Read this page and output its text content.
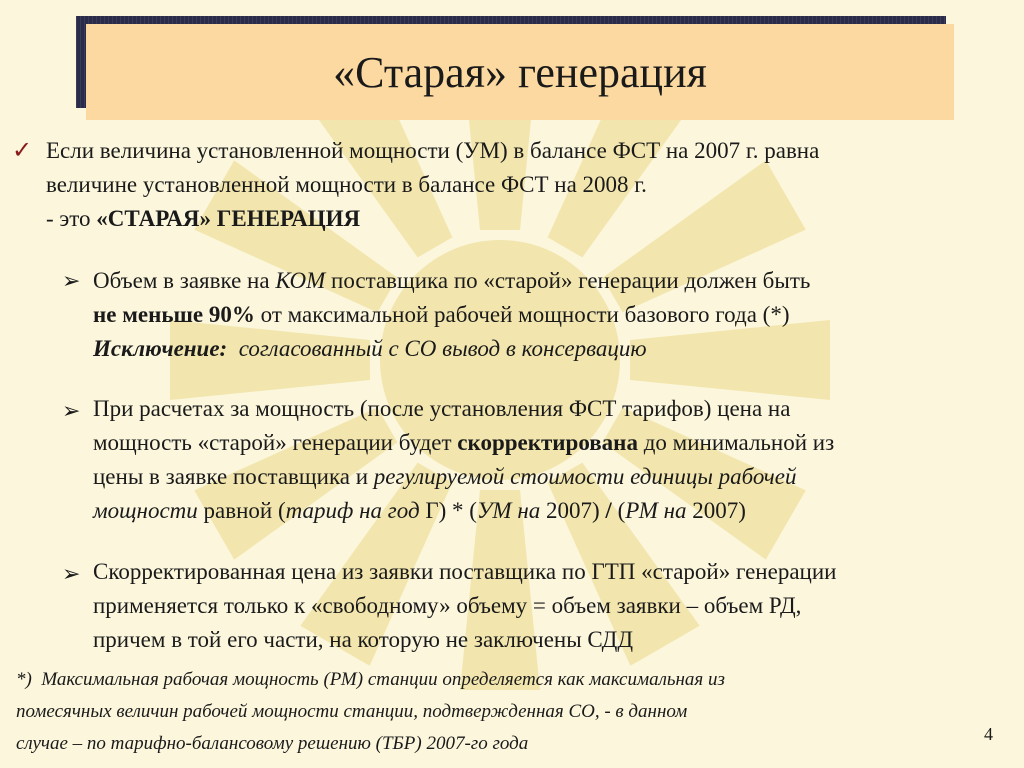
«Старая» генерация
✓ Если величина установленной мощности (УМ) в балансе ФСТ на 2007 г. равна
величине установленной мощности в балансе ФСТ на 2008 г.
- это «СТАРАЯ» ГЕНЕРАЦИЯ
➢ Объем в заявке на КОМ поставщика по «старой» генерации должен быть
не меньше 90% от максимальной рабочей мощности базового года (*)
Исключение:  согласованный с СО вывод в консервацию
➢ При расчетах за мощность (после установления ФСТ тарифов) цена на
мощность «старой» генерации будет скорректирована до минимальной из
цены в заявке поставщика и регулируемой стоимости единицы рабочей
мощности равной (тариф на год Г) * (УМ на 2007) / (РМ на 2007)
➢ Скорректированная цена из заявки поставщика по ГТП «старой» генерации
применяется только к «свободному» объему = объем заявки – объем РД,
причем в той его части, на которую не заключены СДД
*)  Максимальная рабочая мощность (РМ) станции определяется как максимальная из
помесячных величин рабочей мощности станции, подтвержденная СО, - в данном
случае – по тарифно-балансовому решению (ТБР) 2007-го года	4
